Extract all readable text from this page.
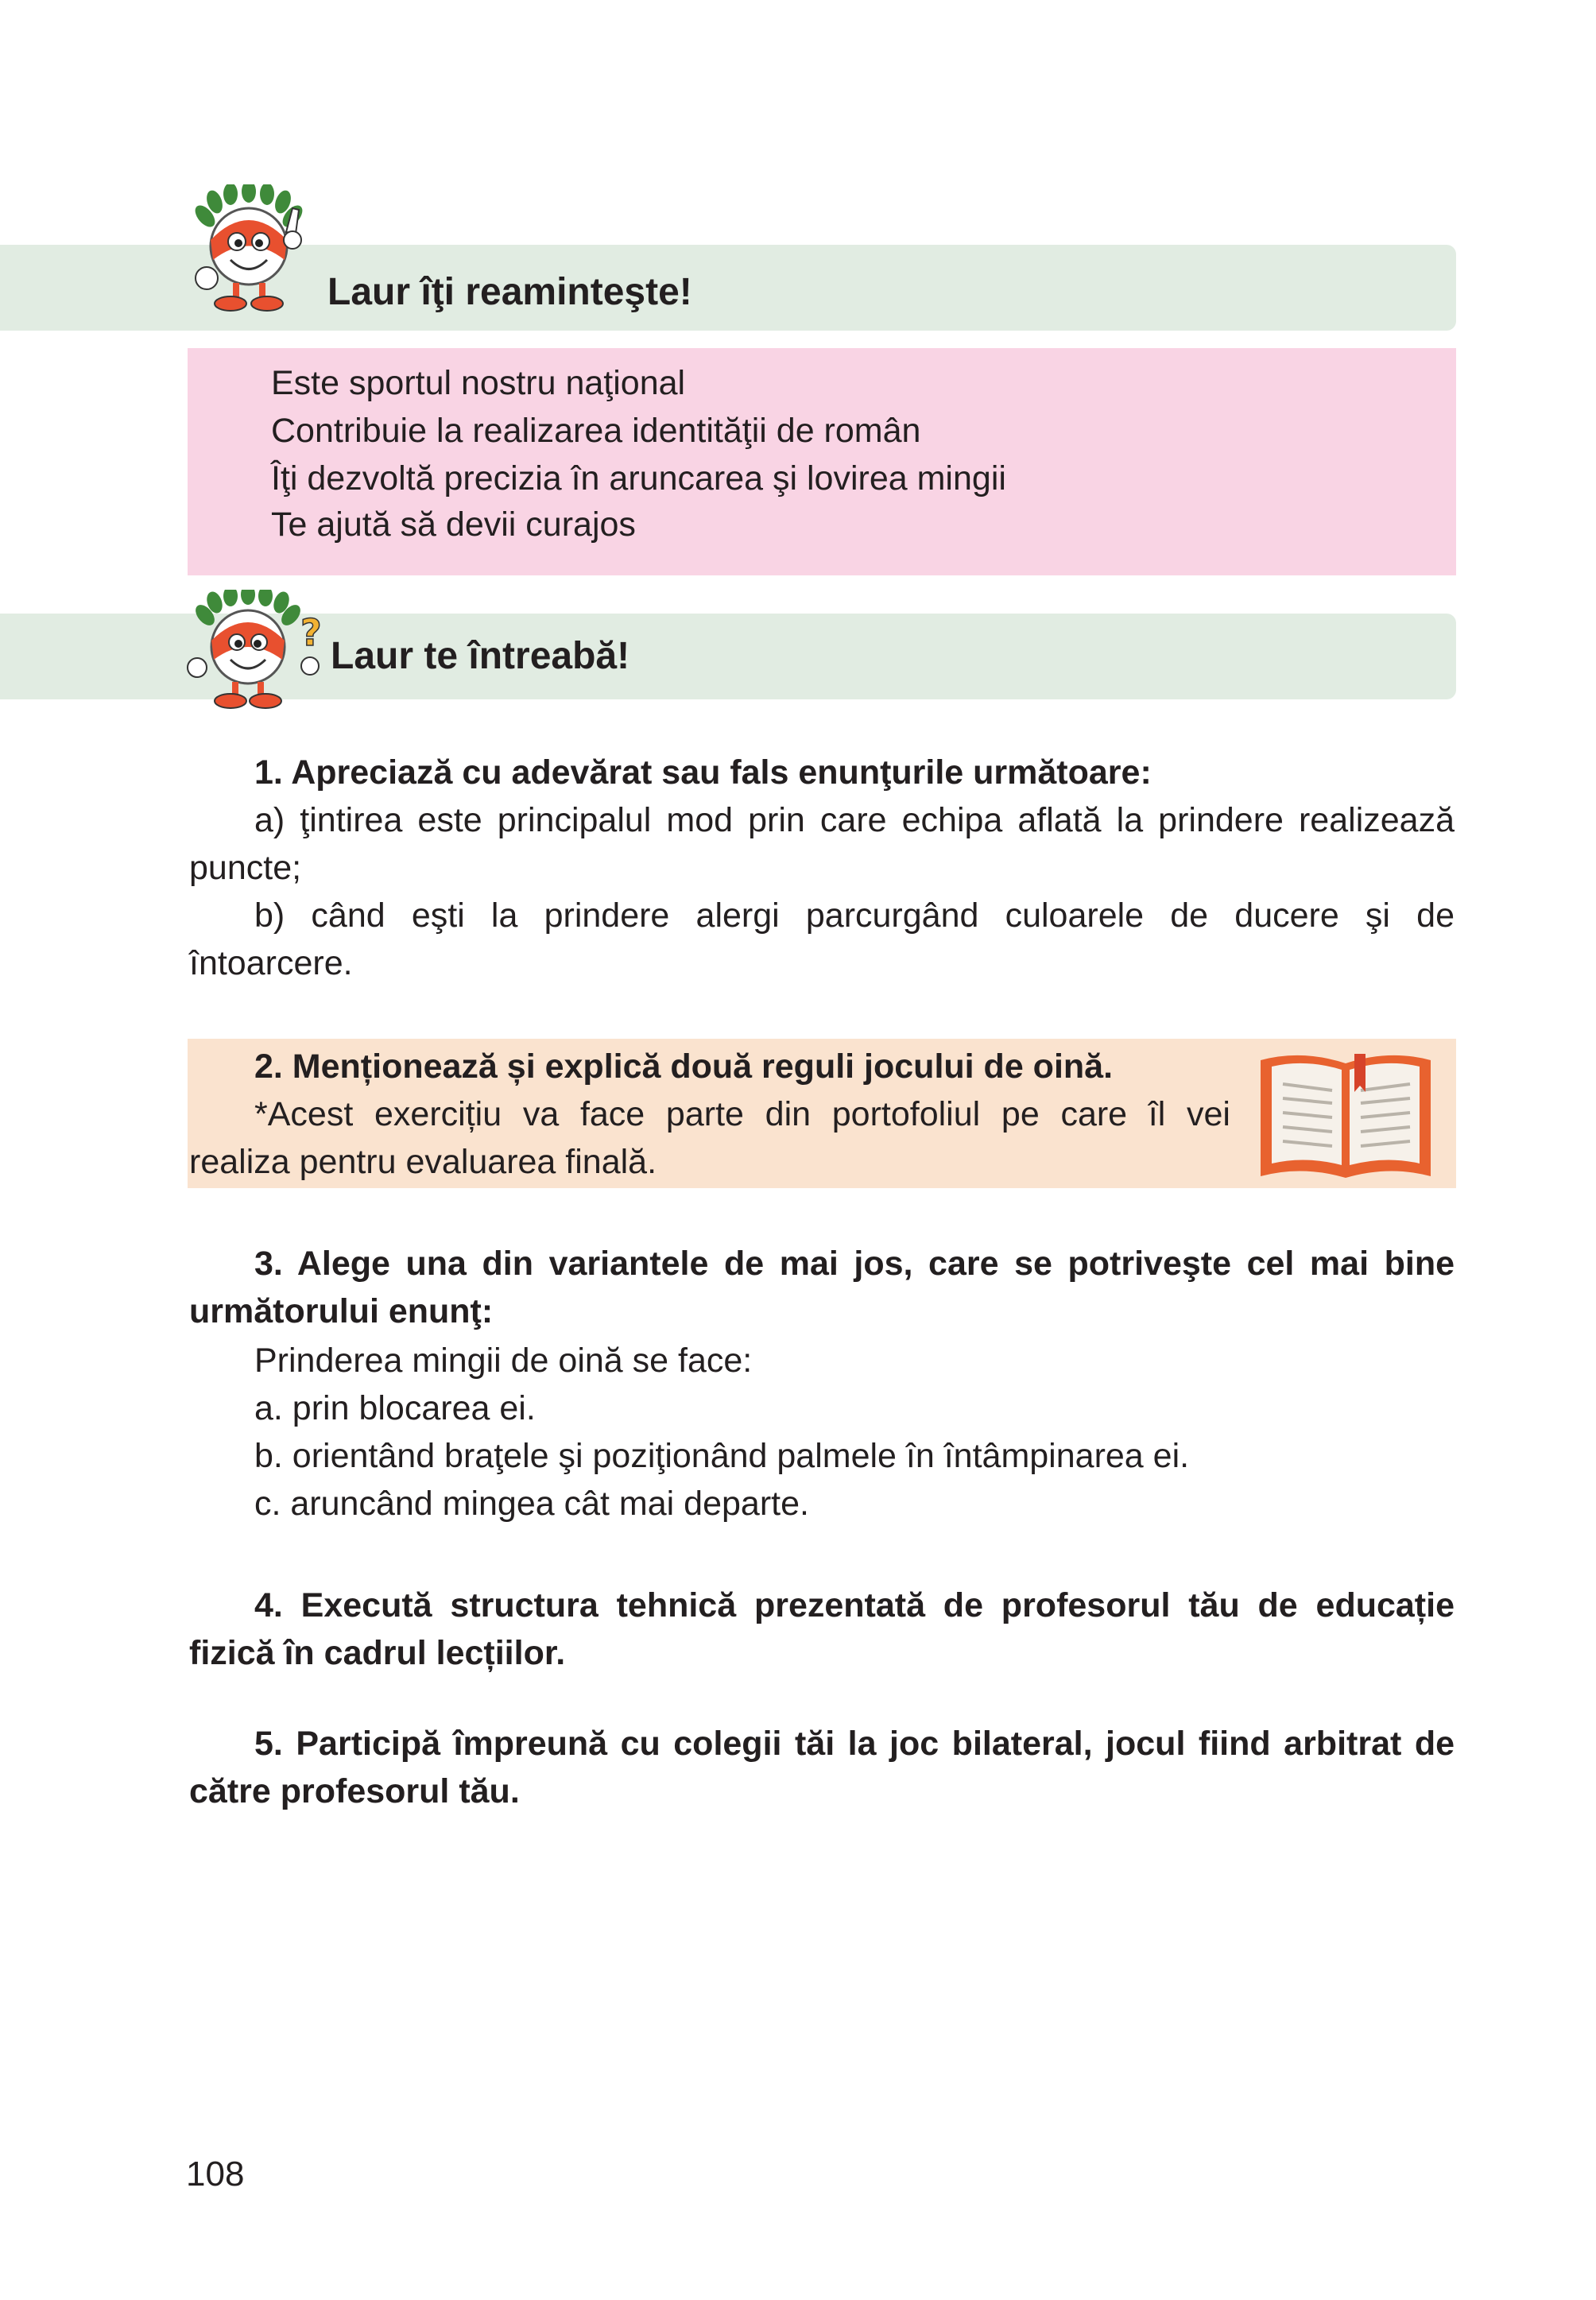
Laur îţi reaminteşte!
Este sportul nostru naţional
Contribuie la realizarea identităţii de român
Îţi dezvoltă precizia în aruncarea şi lovirea mingii
Te ajută să devii curajos
?
Laur te întreabă!
1. Apreciază cu adevărat sau fals enunţurile următoare:
a) ţintirea este principalul mod prin care echipa aflată la prindere realizează
puncte;
b) când eşti la prindere alergi parcurgând culoarele de ducere şi de
întoarcere.
2. Menționează și explică două reguli jocului de oină.
*Acest exercițiu va face parte din portofoliul pe care îl vei
realiza pentru evaluarea finală.
3. Alege una din variantele de mai jos, care se potriveşte cel mai bine
următorului enunţ:
Prinderea mingii de oină se face:
a. prin blocarea ei.
b. orientând braţele şi poziţionând palmele în întâmpinarea ei.
c. aruncând mingea cât mai departe.
4. Execută structura tehnică prezentată de profesorul tău de educație
fizică în cadrul lecțiilor.
5. Participă împreună cu colegii tăi la joc bilateral, jocul fiind arbitrat de
către profesorul tău.
108
